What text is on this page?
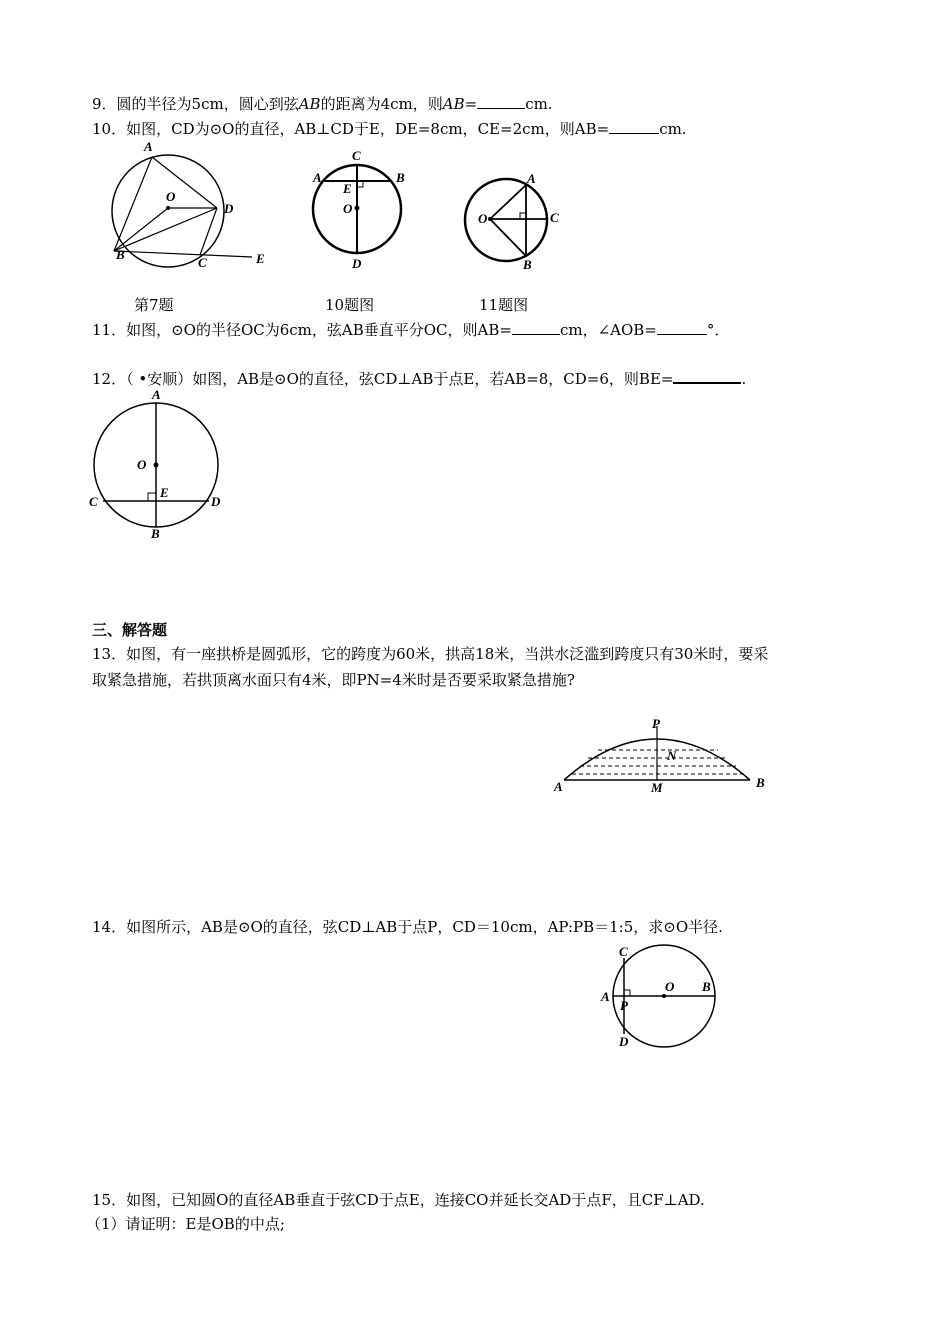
9．圆的半径为5cm，圆心到弦AB的距离为4cm，则AB=	cm.
10．如图，CD为⊙O的直径，AB⊥CD于E，DE=8cm，CE=2cm，则AB=	cm.
A
O
D
B
C	E
C
A
E
B
O
D
A
O	C
B
第7题	10题图	11题图
11．如图，⊙O的半径OC为6cm，弦AB垂直平分OC，则AB=	cm，∠AOB=	°．
12．（ •安顺）如图，AB是⊙O的直径，弦CD⊥AB于点E，若AB=8，CD=6，则BE=	.
A
O
E
C	D
B
三、解答题
13．如图，有一座拱桥是圆弧形，它的跨度为60米，拱高18米，当洪水泛滥到跨度只有30米时，要采
取紧急措施，若拱顶离水面只有4米，即PN=4米时是否要采取紧急措施?
P
N
A	M	B
14．如图所示，AB是⊙O的直径，弦CD⊥AB于点P，CD＝10cm，AP:PB＝1:5，求⊙O半径.
C
A
P
O B
D
15．如图，已知圆O的直径AB垂直于弦CD于点E，连接CO并延长交AD于点F，且CF⊥AD.
（1）请证明：E是OB的中点;
